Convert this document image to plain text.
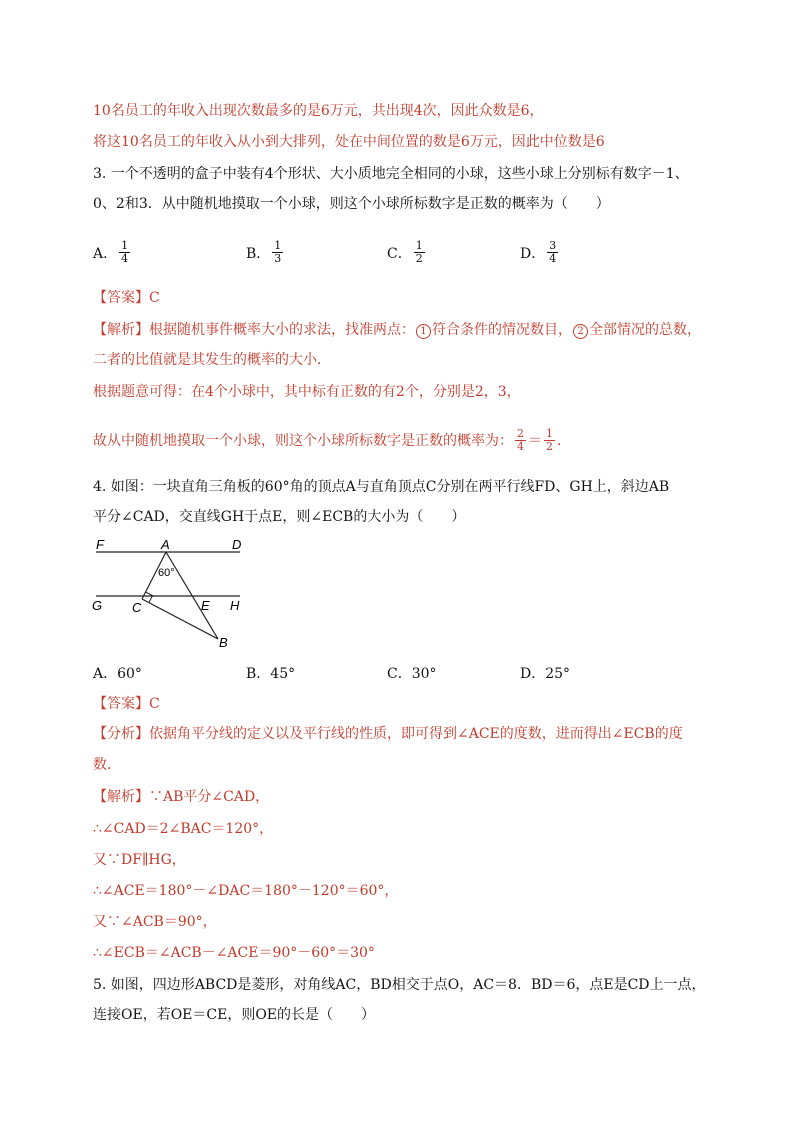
10名员工的年收入出现次数最多的是6万元，共出现4次，因此众数是6，
将这10名员工的年收入从小到大排列，处在中间位置的数是6万元，因此中位数是6
3. 一个不透明的盒子中装有4个形状、大小质地完全相同的小球，这些小球上分别标有数字－1、
0、2和3．从中随机地摸取一个小球，则这个小球所标数字是正数的概率为（　　）
A． $\frac{1}{4}$	B． $\frac{1}{3}$	C． $\frac{1}{2}$	D． $\frac{3}{4}$
【答案】C
【解析】根据随机事件概率大小的求法，找准两点： 1 符合条件的情况数目， 2 全部情况的总数，
二者的比值就是其发生的概率的大小．
根据题意可得：在4个小球中，其中标有正数的有2个，分别是2，3，
故从中随机地摸取一个小球，则这个小球所标数字是正数的概率为： $\frac{2}{4} = \frac{1}{2}$ ．
4. 如图：一块直角三角板的60°角的顶点A与直角顶点C分别在两平行线FD、GH上，斜边AB
平分∠CAD，交直线GH于点E，则∠ECB的大小为（　　）
F	A	D
60°
G C	E H
B
A．60°	B．45°	C．30°	D．25°
【答案】C
【分析】依据角平分线的定义以及平行线的性质，即可得到∠ACE的度数，进而得出∠ECB的度
数．
【解析】∵AB平分∠CAD，
∴∠CAD＝2∠BAC＝120°，
又∵DF∥HG，
∴∠ACE＝180°－∠DAC＝180°－120°＝60°，
又∵∠ACB＝90°，
∴∠ECB＝∠ACB－∠ACE＝90°－60°＝30°
5. 如图，四边形ABCD是菱形，对角线AC，BD相交于点O，AC＝8．BD＝6，点E是CD上一点，
连接OE，若OE＝CE，则OE的长是（　　）
